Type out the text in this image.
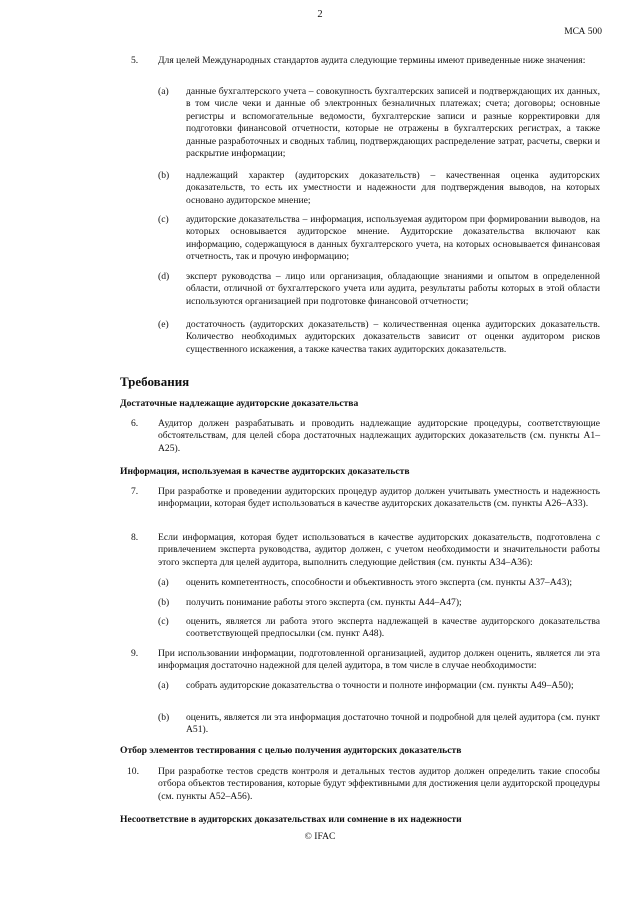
2
МСА 500
5. Для целей Международных стандартов аудита следующие термины имеют приведенные ниже значения:
(a) данные бухгалтерского учета – совокупность бухгалтерских записей и подтверждающих их данных, в том числе чеки и данные об электронных безналичных платежах; счета; договоры; основные регистры и вспомогательные ведомости, бухгалтерские записи и разные корректировки для подготовки финансовой отчетности, которые не отражены в бухгалтерских регистрах, а также данные разработочных и сводных таблиц, подтверждающих распределение затрат, расчеты, сверки и раскрытие информации;
(b) надлежащий характер (аудиторских доказательств) – качественная оценка аудиторских доказательств, то есть их уместности и надежности для подтверждения выводов, на которых основано аудиторское мнение;
(c) аудиторские доказательства – информация, используемая аудитором при формировании выводов, на которых основывается аудиторское мнение. Аудиторские доказательства включают как информацию, содержащуюся в данных бухгалтерского учета, на которых основывается финансовая отчетность, так и прочую информацию;
(d) эксперт руководства – лицо или организация, обладающие знаниями и опытом в определенной области, отличной от бухгалтерского учета или аудита, результаты работы которых в этой области используются организацией при подготовке финансовой отчетности;
(e) достаточность (аудиторских доказательств) – количественная оценка аудиторских доказательств. Количество необходимых аудиторских доказательств зависит от оценки аудитором рисков существенного искажения, а также качества таких аудиторских доказательств.
Требования
Достаточные надлежащие аудиторские доказательства
6. Аудитор должен разрабатывать и проводить надлежащие аудиторские процедуры, соответствующие обстоятельствам, для целей сбора достаточных надлежащих аудиторских доказательств (см. пункты A1–A25).
Информация, используемая в качестве аудиторских доказательств
7. При разработке и проведении аудиторских процедур аудитор должен учитывать уместность и надежность информации, которая будет использоваться в качестве аудиторских доказательств (см. пункты A26–A33).
8. Если информация, которая будет использоваться в качестве аудиторских доказательств, подготовлена с привлечением эксперта руководства, аудитор должен, с учетом необходимости и значительности работы этого эксперта для целей аудитора, выполнить следующие действия (см. пункты A34–A36):
(a) оценить компетентность, способности и объективность этого эксперта (см. пункты A37–A43);
(b) получить понимание работы этого эксперта (см. пункты A44–A47);
(c) оценить, является ли работа этого эксперта надлежащей в качестве аудиторского доказательства соответствующей предпосылки (см. пункт A48).
9. При использовании информации, подготовленной организацией, аудитор должен оценить, является ли эта информация достаточно надежной для целей аудитора, в том числе в случае необходимости:
(a) собрать аудиторские доказательства о точности и полноте информации (см. пункты A49–A50);
(b) оценить, является ли эта информация достаточно точной и подробной для целей аудитора (см. пункт A51).
Отбор элементов тестирования с целью получения аудиторских доказательств
10. При разработке тестов средств контроля и детальных тестов аудитор должен определить такие способы отбора объектов тестирования, которые будут эффективными для достижения цели аудиторской процедуры (см. пункты A52–A56).
Несоответствие в аудиторских доказательствах или сомнение в их надежности
© IFAC
